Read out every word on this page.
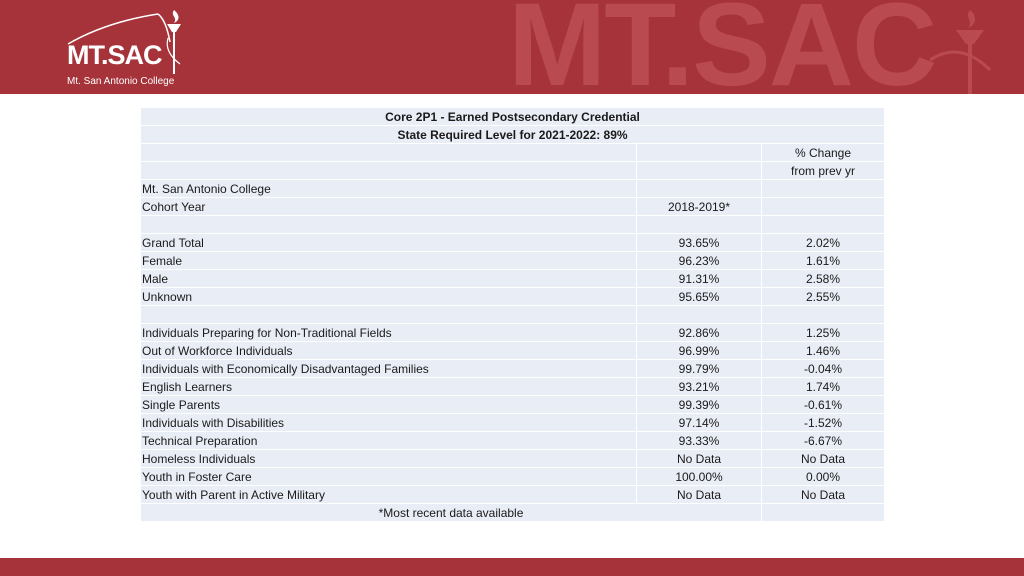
MT.SAC
MT.SAC
Mt. San Antonio College
Core 2P1 - Earned Postsecondary Credential		
State Required Level for 2021-2022: 89%		
		% Change
		from prev yr
Mt. San Antonio College		
Cohort Year	2018-2019*	

Grand Total	93.65%	2.02%
Female	96.23%	1.61%
Male	91.31%	2.58%
Unknown	95.65%	2.55%

Individuals Preparing for Non-Traditional Fields	92.86%	1.25%
Out of Workforce Individuals	96.99%	1.46%
Individuals with Economically Disadvantaged Families	99.79%	-0.04%
English Learners	93.21%	1.74%
Single Parents	99.39%	-0.61%
Individuals with Disabilities	97.14%	-1.52%
Technical Preparation	93.33%	-6.67%
Homeless Individuals	No Data	No Data
Youth in Foster Care	100.00%	0.00%
Youth with Parent in Active Military	No Data	No Data
*Most recent data available		
